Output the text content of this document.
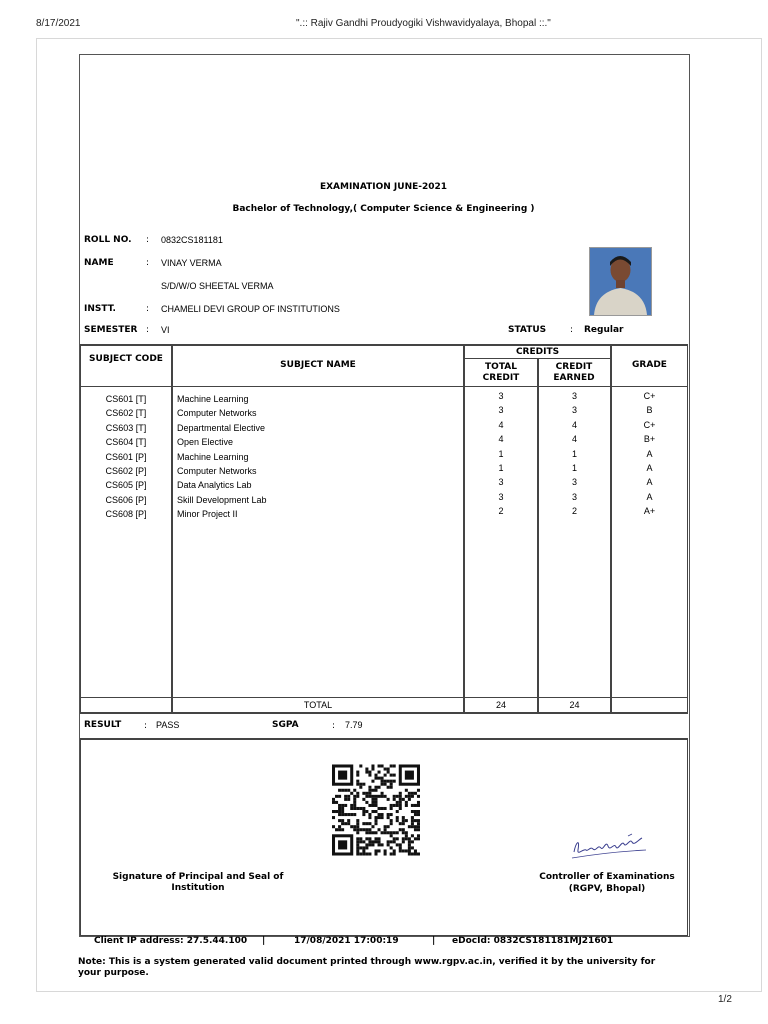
8/17/2021	".:: Rajiv Gandhi Proudyogiki Vishwavidyalaya, Bhopal ::."
EXAMINATION JUNE-2021
Bachelor of Technology,( Computer Science & Engineering )
ROLL NO. : 0832CS181181
NAME	: VINAY VERMA
S/D/W/O SHEETAL VERMA
INSTT.	: CHAMELI DEVI GROUP OF INSTITUTIONS
SEMESTER : VI	STATUS	: Regular
SUBJECT CODE
SUBJECT NAME
CREDITS
TOTAL CREDIT
CREDIT EARNED
GRADE
CS601 [T]	Machine Learning	3	3	C+
CS602 [T]	Computer Networks	3	3	B
CS603 [T]	Departmental Elective	4	4	C+
CS604 [T]	Open Elective	4	4	B+
CS601 [P]	Machine Learning	1	1	A
CS602 [P]	Computer Networks	1	1	A
CS605 [P]	Data Analytics Lab	3	3	A
CS606 [P]	Skill Development Lab	3	3	A
CS608 [P]	Minor Project II	2	2	A+
TOTAL	24	24
RESULT	: PASS	SGPA	: 7.79
Signature of Principal and Seal of Institution
Controller of Examinations
(RGPV, Bhopal)
Client IP address: 27.5.44.100 |	17/08/2021 17:00:19	| eDocId: 0832CS181181MJ21601
Note: This is a system generated valid document printed through www.rgpv.ac.in, verified it by the university for your purpose.
1/2
